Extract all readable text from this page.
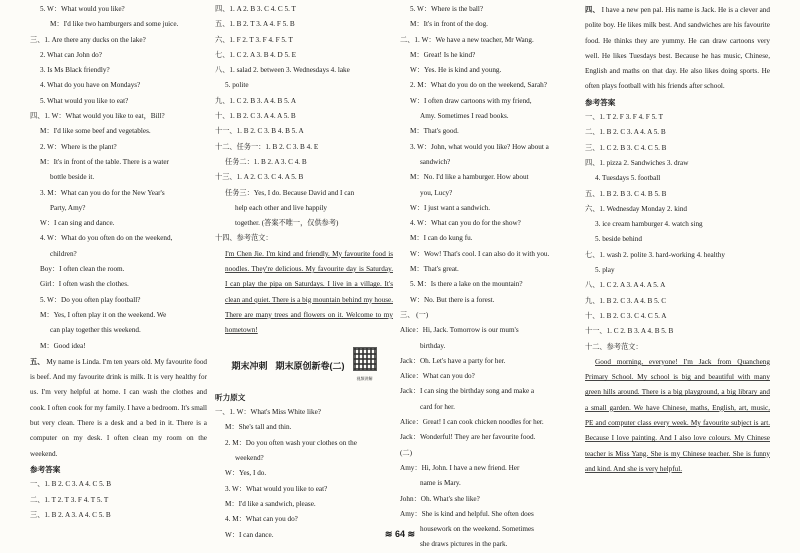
5. W：What would you like?
M：I'd like two hamburgers and some juice.
三、1. Are there any ducks on the lake?
2. What can John do?
3. Is Ms Black friendly?
4. What do you have on Mondays?
5. What would you like to eat?
四、1. W：What would you like to eat，Bill?
M：I'd like some beef and vegetables.
2. W：Where is the plant?
M：It's in front of the table. There is a water
bottle beside it.
3. M：What can you do for the New Year's
Party, Amy?
W：I can sing and dance.
4. W：What do you often do on the weekend,
children?
Boy：I often clean the room.
Girl：I often wash the clothes.
5. W：Do you often play football?
M：Yes, I often play it on the weekend. We
can play together this weekend.
M：Good idea!
五、 My name is Linda. I'm ten years old. My favourite food is beef. And my favourite drink is milk. It is very healthy for us. I'm very helpful at home. I can wash the clothes and cook. I often cook for my family. I have a bedroom. It's small but very clean. There is a desk and a bed in it. There is a computer on my desk. I often clean my room on the weekend.
参考答案
一、1. B 2. C 3. A 4. C 5. B
二、1. T 2. T 3. F 4. T 5. T
三、1. B 2. A 3. A 4. C 5. B
四、1. A 2. B 3. C 4. C 5. T
五、1. B 2. T 3. A 4. F 5. B
六、1. F 2. T 3. F 4. F 5. T
七、1. C 2. A 3. B 4. D 5. E
八、1. salad 2. between 3. Wednesdays 4. lake
5. polite
九、1. C 2. B 3. A 4. B 5. A
十、1. B 2. C 3. A 4. A 5. B
十一、1. B 2. C 3. B 4. B 5. A
十二、任务一：1. B 2. C 3. B 4. E
任务二：1. B 2. A 3. C 4. B
十三、1. A 2. C 3. C 4. A 5. B
任务三：Yes, I do. Because David and I can
help each other and live happily
together. (答案不唯一，仅供参考)
十四、参考范文：
I'm Chen Jie. I'm kind and friendly. My favourite food is noodles. They're delicious. My favourite day is Saturday. I can play the pipa on Saturdays. I live in a village. It's clean and quiet. There is a big mountain behind my house. There are many trees and flowers on it. Welcome to my hometown!
期末冲刺 期末原创新卷(二)
视频讲解
听力原文
一、1. W：What's Miss White like?
M：She's tall and thin.
2. M：Do you often wash your clothes on the
weekend?
W：Yes, I do.
3. W：What would you like to eat?
M：I'd like a sandwich, please.
4. M：What can you do?
W：I can dance.
5. W：Where is the ball?
M：It's in front of the dog.
二、1. W：We have a new teacher, Mr Wang.
M：Great! Is he kind?
W：Yes. He is kind and young.
2. M：What do you do on the weekend, Sarah?
W：I often draw cartoons with my friend,
Amy. Sometimes I read books.
M：That's good.
3. W：John, what would you like? How about a
sandwich?
M：No. I'd like a hamburger. How about
you, Lucy?
W：I just want a sandwich.
4. W：What can you do for the show?
M：I can do kung fu.
W：Wow! That's cool. I can also do it with you.
M：That's great.
5. M：Is there a lake on the mountain?
W：No. But there is a forest.
三、 (一)
Alice：Hi, Jack. Tomorrow is our mum's
birthday.
Jack：Oh. Let's have a party for her.
Alice：What can you do?
Jack：I can sing the birthday song and make a
card for her.
Alice：Great! I can cook chicken noodles for her.
Jack：Wonderful! They are her favourite food.
(二)
Amy：Hi, John. I have a new friend. Her
name is Mary.
John：Oh. What's she like?
Amy：She is kind and helpful. She often does
housework on the weekend. Sometimes
she draws pictures in the park.
四、 I have a new pen pal. His name is Jack. He is a clever and polite boy. He likes milk best. And sandwiches are his favourite food. He thinks they are yummy. He can draw cartoons very well. He likes Tuesdays best. Because he has music, Chinese, English and maths on that day. He also likes doing sports. He often plays football with his friends after school.
参考答案
一、1. T 2. F 3. F 4. F 5. T
二、1. B 2. C 3. A 4. A 5. B
三、1. C 2. B 3. C 4. C 5. B
四、1. pizza 2. Sandwiches 3. draw
4. Tuesdays 5. football
五、1. B 2. B 3. C 4. B 5. B
六、1. Wednesday Monday 2. kind
3. ice cream hamburger 4. watch sing
5. beside behind
七、1. wash 2. polite 3. hard-working 4. healthy
5. play
八、1. C 2. A 3. A 4. A 5. A
九、1. B 2. C 3. A 4. B 5. C
十、1. B 2. C 3. C 4. C 5. A
十一、1. C 2. B 3. A 4. B 5. B
十二、参考范文：
Good morning, everyone! I'm Jack from Quancheng Primary School. My school is big and beautiful with many green hills around. There is a big playground, a big library and a small garden. We have Chinese, maths, English, art, music, PE and computer class every week. My favourite subject is art. Because I love painting. And I also love colours. My Chinese teacher is Miss Yang. She is my Chinese teacher. She is funny and kind. And she is very helpful.
≋ 64 ≋
